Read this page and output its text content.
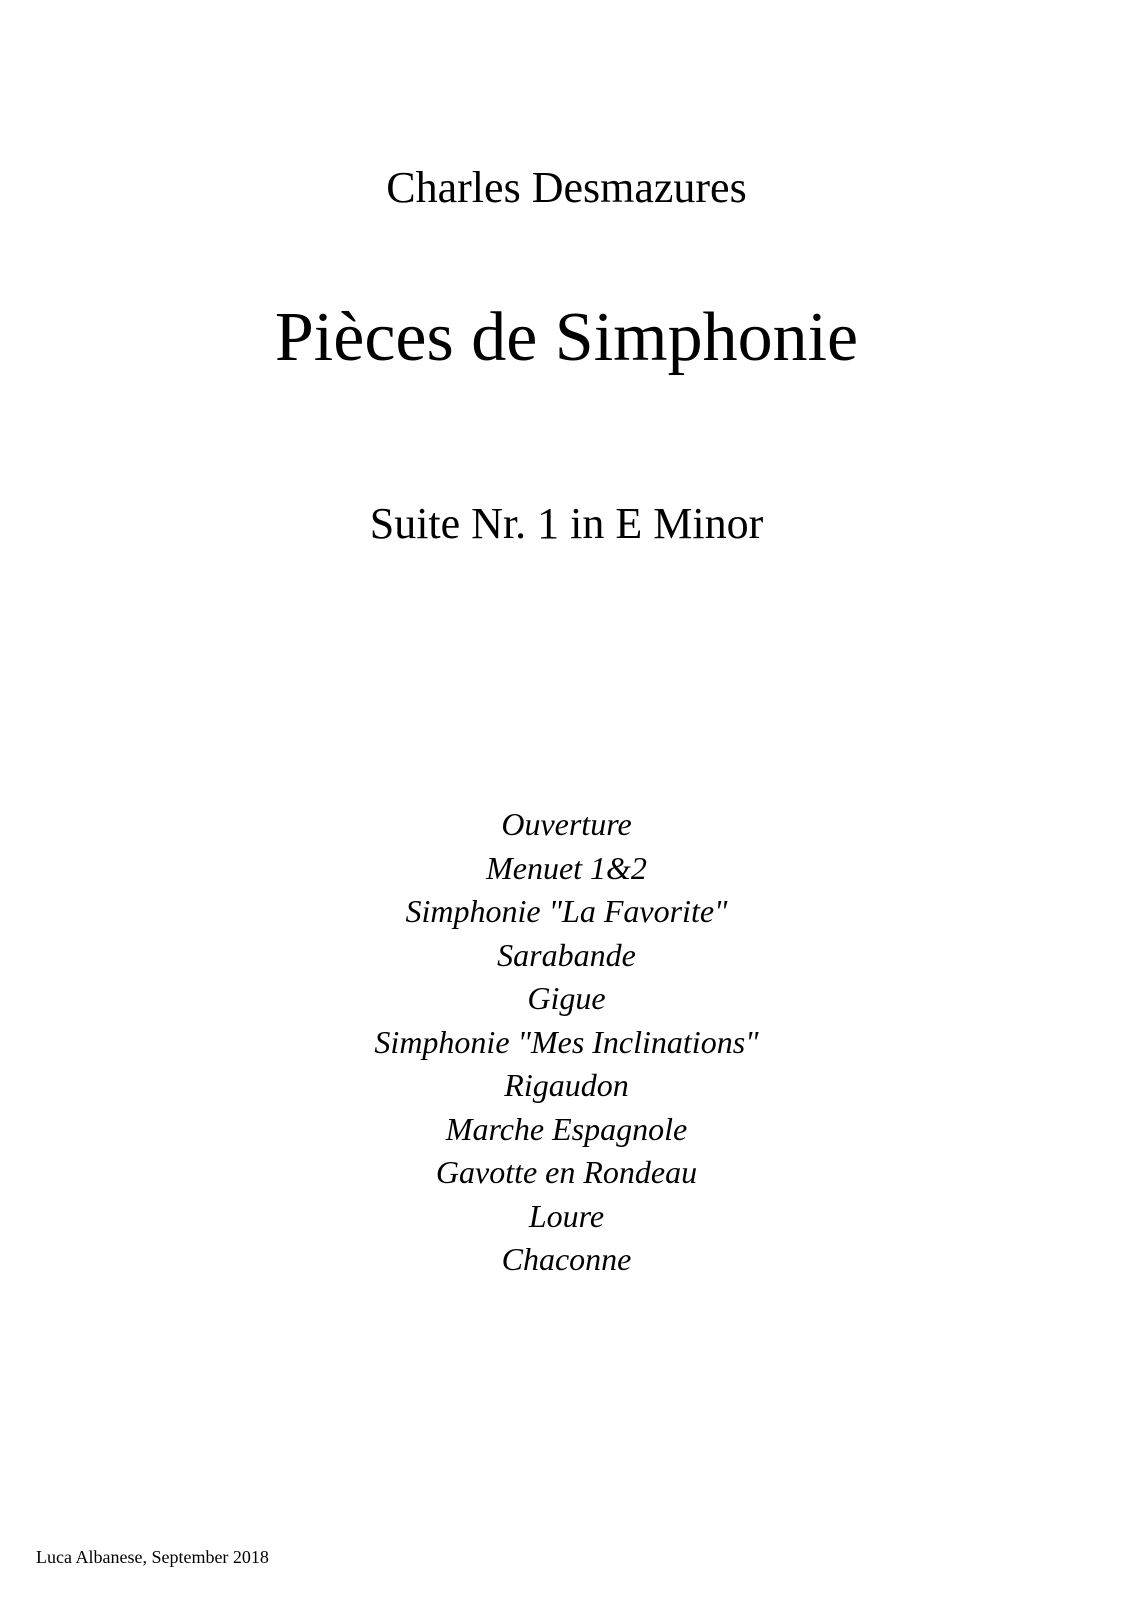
Charles Desmazures
Pièces de Simphonie
Suite Nr. 1 in E Minor
Ouverture
Menuet 1&2
Simphonie "La Favorite"
Sarabande
Gigue
Simphonie "Mes Inclinations"
Rigaudon
Marche Espagnole
Gavotte en Rondeau
Loure
Chaconne
Luca Albanese, September 2018
